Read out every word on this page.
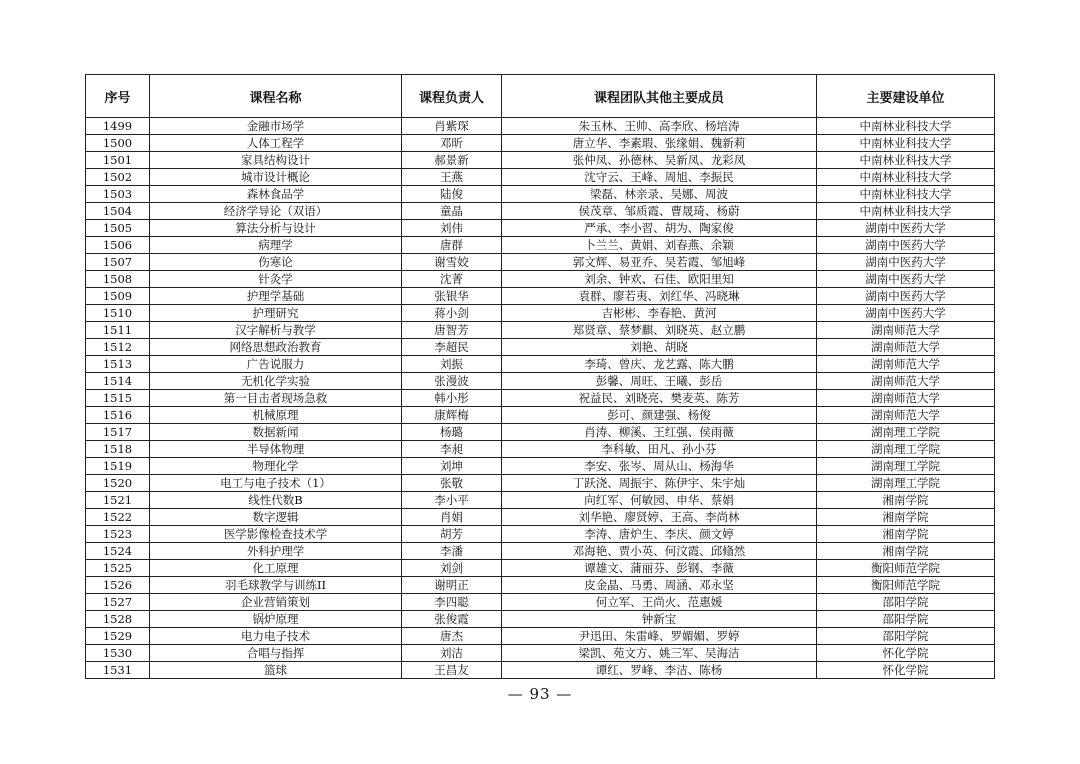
序号	课程名称	课程负责人	课程团队其他主要成员	主要建设单位
1499	金融市场学	肖紫琛	朱玉林、王帅、高李欣、杨培涛	中南林业科技大学
1500	人体工程学	邓昕	唐立华、李素瑕、张缘娟、魏新莉	中南林业科技大学
1501	家具结构设计	郝景新	张仲凤、孙德林、吴新凤、龙彩凤	中南林业科技大学
1502	城市设计概论	王燕	沈守云、王峰、周旭、李振民	中南林业科技大学
1503	森林食品学	陆俊	梁磊、林亲录、吴娜、周波	中南林业科技大学
1504	经济学导论（双语）	童晶	侯茂章、邹质霞、曹晟琦、杨蔚	中南林业科技大学
1505	算法分析与设计	刘伟	严承、李小習、胡为、陶家俊	湖南中医药大学
1506	病理学	唐群	卜兰兰、黄娟、刘春燕、余颖	湖南中医药大学
1507	伤寒论	谢雪姣	郭文辉、易亚乔、吴若霞、邹旭峰	湖南中医药大学
1508	针灸学	沈菁	刘余、钟欢、石佳、欧阳里知	湖南中医药大学
1509	护理学基础	张银华	袁群、廖若夷、刘红华、冯晓琳	湖南中医药大学
1510	护理研究	蒋小剑	吉彬彬、李春艳、黄河	湖南中医药大学
1511	汉字解析与教学	唐智芳	郑贤章、蔡梦麒、刘晓英、赵立鹏	湖南师范大学
1512	网络思想政治教育	李超民	刘艳、胡晓	湖南师范大学
1513	广告说服力	刘振	李琦、曾庆、龙艺露、陈大鹏	湖南师范大学
1514	无机化学实验	张漫波	彭馨、周旺、王曦、彭岳	湖南师范大学
1515	第一目击者现场急救	韩小彤	祝益民、刘晓亮、樊麦英、陈芳	湖南师范大学
1516	机械原理	康辉梅	彭可、颜建强、杨俊	湖南师范大学
1517	数据新闻	杨璐	肖涛、柳溪、王红强、侯雨薇	湖南理工学院
1518	半导体物理	李昶	李科敏、田凡、孙小芬	湖南理工学院
1519	物理化学	刘坤	李安、张岑、周从山、杨海华	湖南理工学院
1520	电工与电子技术（1）	张敬	丁跃浇、周振宇、陈伊宇、朱宇灿	湖南理工学院
1521	线性代数B	李小平	向红军、何敏园、申华、蔡娟	湘南学院
1522	数字逻辑	肖娟	刘华艳、廖贤婷、王高、李尚林	湘南学院
1523	医学影像检查技术学	胡芳	李涛、唐炉生、李庆、颜文婷	湘南学院
1524	外科护理学	李潘	邓海艳、贾小英、何汶霞、邱翛然	湘南学院
1525	化工原理	刘剑	谭雄文、蒲丽芬、彭钢、李薇	衡阳师范学院
1526	羽毛球教学与训练II	谢明正	皮金晶、马勇、周涵、邓永坚	衡阳师范学院
1527	企业营销策划	李四聪	何立军、王尚火、范惠媛	邵阳学院
1528	锅炉原理	张俊霞	钟新宝	邵阳学院
1529	电力电子技术	唐杰	尹迅田、朱雷峰、罗媚媚、罗婷	邵阳学院
1530	合唱与指挥	刘洁	梁凯、苑文方、姚三军、吴海洁	怀化学院
1531	篮球	王昌友	谭红、罗峰、李洁、陈杨	怀化学院
— 93 —
